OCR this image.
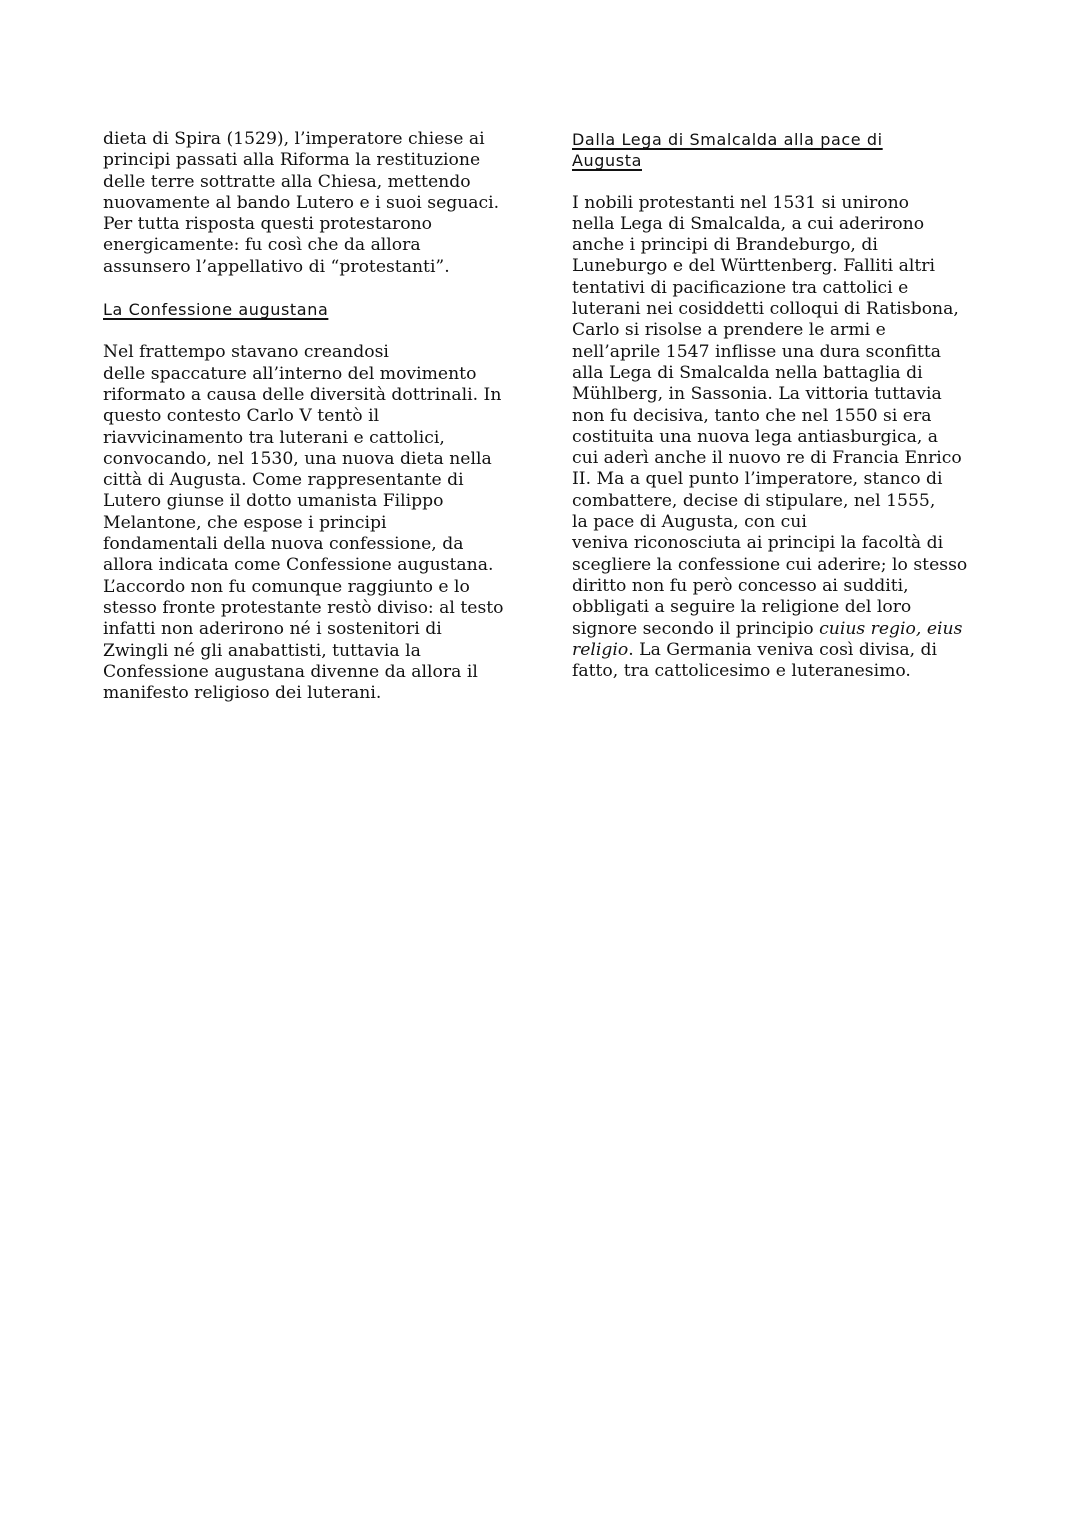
dieta di Spira (1529), l’imperatore chiese ai
principi passati alla Riforma la restituzione
delle terre sottratte alla Chiesa, mettendo
nuovamente al bando Lutero e i suoi seguaci.
Per tutta risposta questi protestarono
energicamente: fu così che da allora
assunsero l’appellativo di “protestanti”.

La Confessione augustana

Nel frattempo stavano creandosi
delle spaccature all’interno del movimento
riformato a causa delle diversità dottrinali. In
questo contesto Carlo V tentò il
riavvicinamento tra luterani e cattolici,
convocando, nel 1530, una nuova dieta nella
città di Augusta. Come rappresentante di
Lutero giunse il dotto umanista Filippo
Melantone, che espose i principi
fondamentali della nuova confessione, da
allora indicata come Confessione augustana.
L’accordo non fu comunque raggiunto e lo
stesso fronte protestante restò diviso: al testo
infatti non aderirono né i sostenitori di
Zwingli né gli anabattisti, tuttavia la
Confessione augustana divenne da allora il
manifesto religioso dei luterani.

Dalla Lega di Smalcalda alla pace di
Augusta

I nobili protestanti nel 1531 si unirono
nella Lega di Smalcalda, a cui aderirono
anche i principi di Brandeburgo, di
Luneburgo e del Württenberg. Falliti altri
tentativi di pacificazione tra cattolici e
luterani nei cosiddetti colloqui di Ratisbona,
Carlo si risolse a prendere le armi e
nell’aprile 1547 inflisse una dura sconfitta
alla Lega di Smalcalda nella battaglia di
Mühlberg, in Sassonia. La vittoria tuttavia
non fu decisiva, tanto che nel 1550 si era
costituita una nuova lega antiasburgica, a
cui aderì anche il nuovo re di Francia Enrico
II. Ma a quel punto l’imperatore, stanco di
combattere, decise di stipulare, nel 1555,
la pace di Augusta, con cui
veniva riconosciuta ai principi la facoltà di
scegliere la confessione cui aderire; lo stesso
diritto non fu però concesso ai sudditi,
obbligati a seguire la religione del loro
signore secondo il principio cuius regio, eius
religio. La Germania veniva così divisa, di
fatto, tra cattolicesimo e luteranesimo.
